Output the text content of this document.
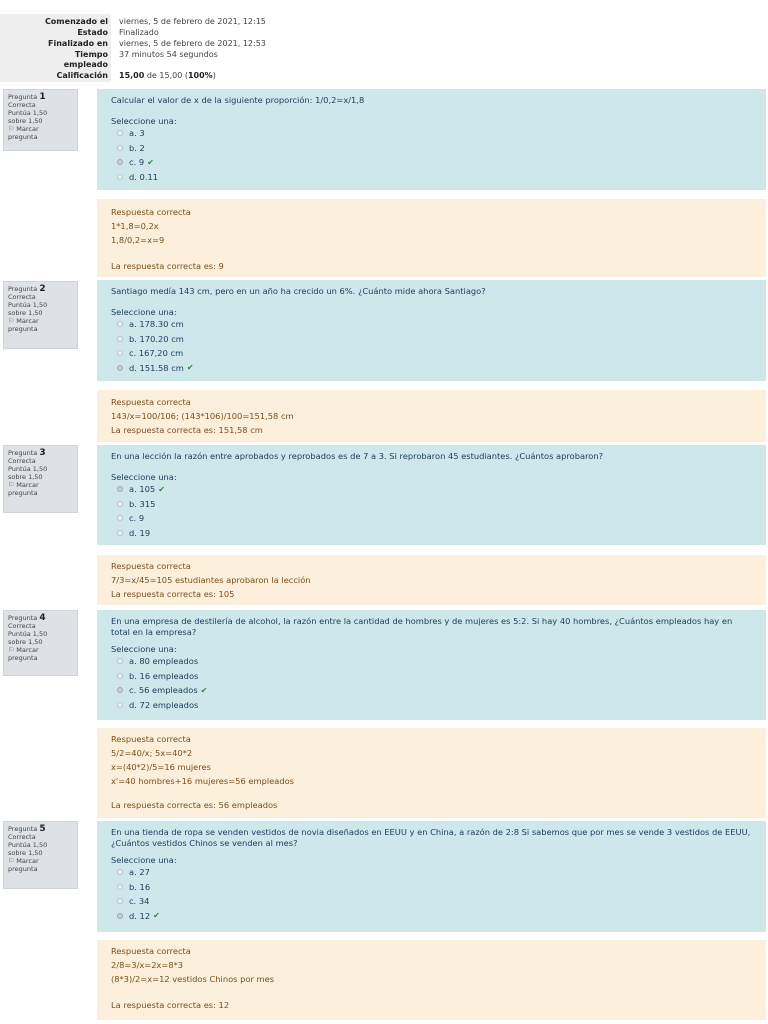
Comenzado el viernes, 5 de febrero de 2021, 12:15
Estado Finalizado
Finalizado en viernes, 5 de febrero de 2021, 12:53
Tiempo
empleado
37 minutos 54 segundos
Calificación 15,00 de 15,00 (100%)
Pregunta 1
Correcta
Puntúa 1,50
sobre 1,50
⚐ Marcar
pregunta
Calcular el valor de x de la siguiente proporción: 1/0,2=x/1,8
Seleccione una:
a. 3
b. 2
c. 9 ✔
d. 0.11
Respuesta correcta
1*1,8=0,2x
1,8/0,2=x=9
La respuesta correcta es: 9
Pregunta 2
Correcta
Puntúa 1,50
sobre 1,50
⚐ Marcar
pregunta
Santiago medía 143 cm, pero en un año ha crecido un 6%. ¿Cuánto mide ahora Santiago?
Seleccione una:
a. 178.30 cm
b. 170.20 cm
c. 167,20 cm
d. 151.58 cm ✔
Respuesta correcta
143/x=100/106; (143*106)/100=151,58 cm
La respuesta correcta es: 151,58 cm
Pregunta 3
Correcta
Puntúa 1,50
sobre 1,50
⚐ Marcar
pregunta
En una lección la razón entre aprobados y reprobados es de 7 a 3. Si reprobaron 45 estudiantes. ¿Cuántos aprobaron?
Seleccione una:
a. 105 ✔
b. 315
c. 9
d. 19
Respuesta correcta
7/3=x/45=105 estudiantes aprobaron la lección
La respuesta correcta es: 105
Pregunta 4
Correcta
Puntúa 1,50
sobre 1,50
⚐ Marcar
pregunta
En una empresa de destilería de alcohol, la razón entre la cantidad de hombres y de mujeres es 5:2. Si hay 40 hombres, ¿Cuántos empleados hay en total en la empresa?
Seleccione una:
a. 80 empleados
b. 16 empleados
c. 56 empleados ✔
d. 72 empleados
Respuesta correcta
5/2=40/x; 5x=40*2
x=(40*2)/5=16 mujeres
x'=40 hombres+16 mujeres=56 empleados
La respuesta correcta es: 56 empleados
Pregunta 5
Correcta
Puntúa 1,50
sobre 1,50
⚐ Marcar
pregunta
En una tienda de ropa se venden vestidos de novia diseñados en EEUU y en China, a razón de 2:8 Si sabemos que por mes se vende 3 vestidos de EEUU, ¿Cuántos vestidos Chinos se venden al mes?
Seleccione una:
a. 27
b. 16
c. 34
d. 12 ✔
Respuesta correcta
2/8=3/x=2x=8*3
(8*3)/2=x=12 vestidos Chinos por mes
La respuesta correcta es: 12
